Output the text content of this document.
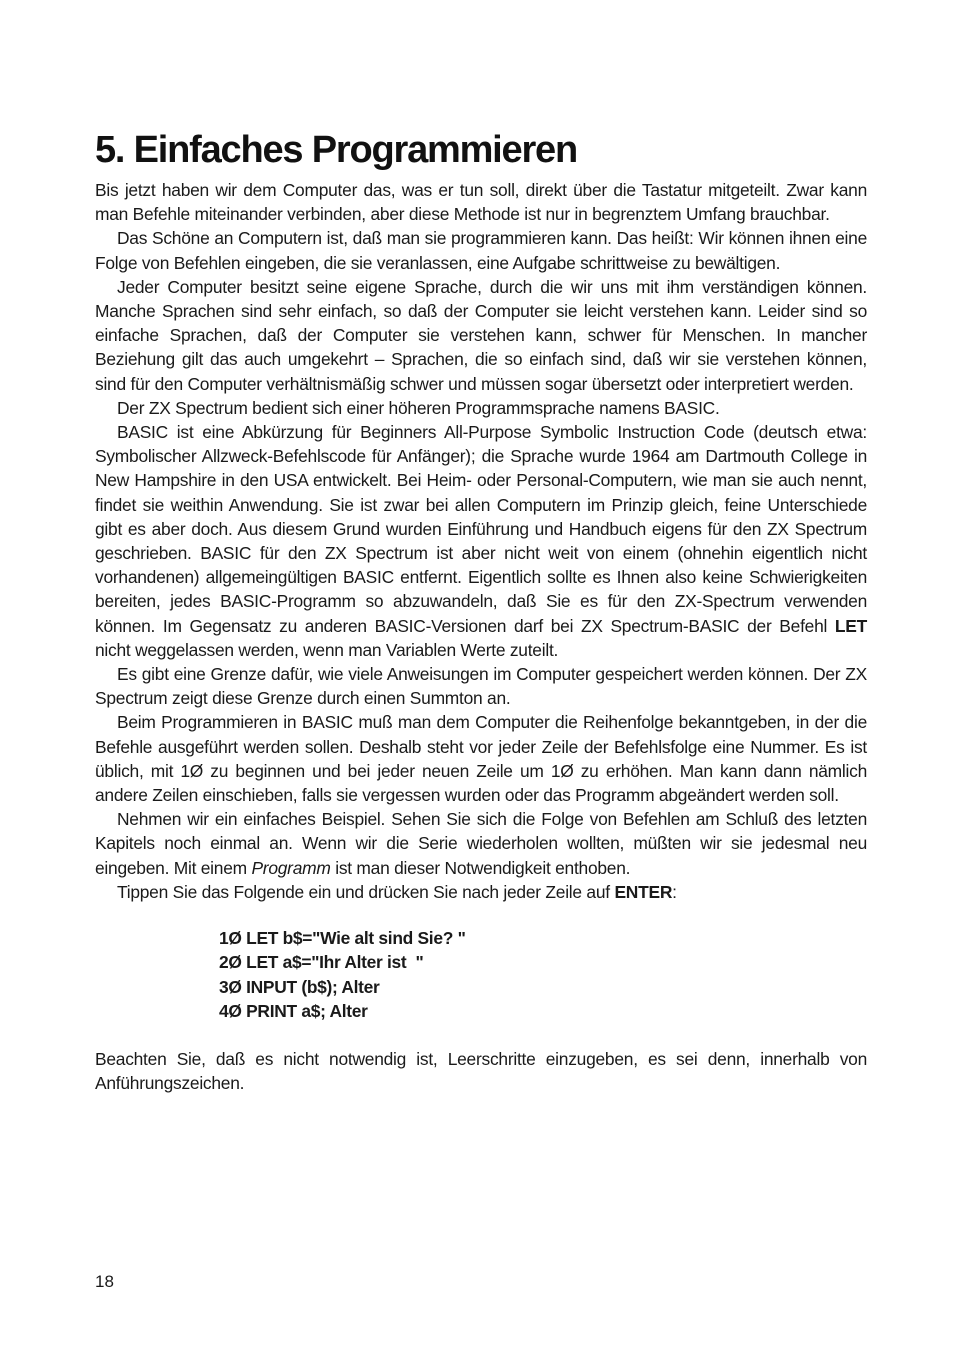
5. Einfaches Programmieren

Bis jetzt haben wir dem Computer das, was er tun soll, direkt über die Tastatur mitgeteilt. Zwar kann man Befehle miteinander verbinden, aber diese Methode ist nur in begrenztem Umfang brauchbar.

Das Schöne an Computern ist, daß man sie programmieren kann. Das heißt: Wir können ihnen eine Folge von Befehlen eingeben, die sie veranlassen, eine Aufgabe schrittweise zu bewältigen.

Jeder Computer besitzt seine eigene Sprache, durch die wir uns mit ihm verständigen können. Manche Sprachen sind sehr einfach, so daß der Computer sie leicht verstehen kann. Leider sind so einfache Sprachen, daß der Computer sie verstehen kann, schwer für Menschen. In mancher Beziehung gilt das auch umgekehrt – Sprachen, die so einfach sind, daß wir sie verstehen können, sind für den Computer verhältnismäßig schwer und müssen sogar übersetzt oder interpretiert werden.

Der ZX Spectrum bedient sich einer höheren Programmsprache namens BASIC.

BASIC ist eine Abkürzung für Beginners All-Purpose Symbolic Instruction Code (deutsch etwa: Symbolischer Allzweck-Befehlscode für Anfänger); die Sprache wurde 1964 am Dartmouth College in New Hampshire in den USA entwickelt. Bei Heim- oder Personal-Computern, wie man sie auch nennt, findet sie weithin Anwendung. Sie ist zwar bei allen Computern im Prinzip gleich, feine Unterschiede gibt es aber doch. Aus diesem Grund wurden Einführung und Handbuch eigens für den ZX Spectrum geschrieben. BASIC für den ZX Spectrum ist aber nicht weit von einem (ohnehin eigentlich nicht vorhandenen) allgemeingültigen BASIC entfernt. Eigentlich sollte es Ihnen also keine Schwierigkeiten bereiten, jedes BASIC-Programm so abzuwandeln, daß Sie es für den ZX-Spectrum verwenden können. Im Gegensatz zu anderen BASIC-Versionen darf bei ZX Spectrum-BASIC der Befehl LET nicht weggelassen werden, wenn man Variablen Werte zuteilt.

Es gibt eine Grenze dafür, wie viele Anweisungen im Computer gespeichert werden können. Der ZX Spectrum zeigt diese Grenze durch einen Summton an.

Beim Programmieren in BASIC muß man dem Computer die Reihenfolge bekanntgeben, in der die Befehle ausgeführt werden sollen. Deshalb steht vor jeder Zeile der Befehlsfolge eine Nummer. Es ist üblich, mit 1Ø zu beginnen und bei jeder neuen Zeile um 1Ø zu erhöhen. Man kann dann nämlich andere Zeilen einschieben, falls sie vergessen wurden oder das Programm abgeändert werden soll.

Nehmen wir ein einfaches Beispiel. Sehen Sie sich die Folge von Befehlen am Schluß des letzten Kapitels noch einmal an. Wenn wir die Serie wiederholen wollten, müßten wir sie jedesmal neu eingeben. Mit einem Programm ist man dieser Notwendigkeit enthoben.

Tippen Sie das Folgende ein und drücken Sie nach jeder Zeile auf ENTER:

1Ø LET b$="Wie alt sind Sie? "
2Ø LET a$="Ihr Alter ist  "
3Ø INPUT (b$); Alter
4Ø PRINT a$; Alter

Beachten Sie, daß es nicht notwendig ist, Leerschritte einzugeben, es sei denn, innerhalb von Anführungszeichen.

18
